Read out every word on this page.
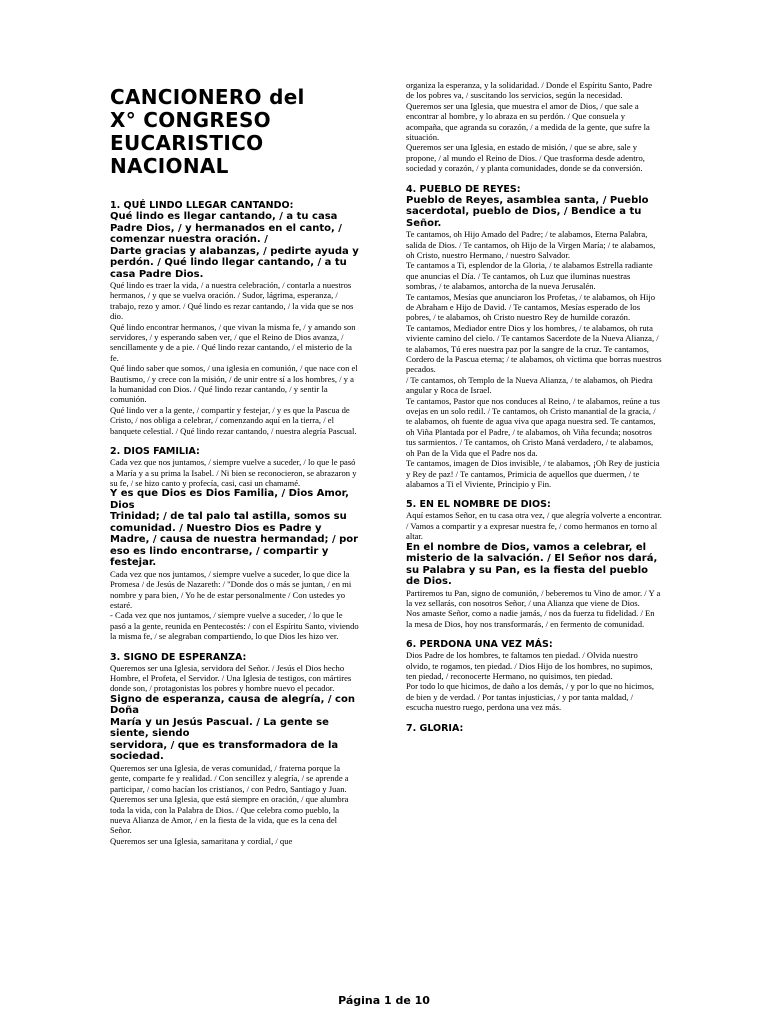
CANCIONERO del
X° CONGRESO
EUCARISTICO
NACIONAL
1. QUÉ LINDO LLEGAR CANTANDO:
Qué lindo es llegar cantando, / a tu casa Padre Dios, / y hermanados en el canto, / comenzar nuestra oración. /
Darte gracias y alabanzas, / pedirte ayuda y perdón. / Qué lindo llegar cantando, / a tu casa Padre Dios.
Qué lindo es traer la vida, / a nuestra celebración, / contarla a nuestros hermanos, / y que se vuelva oración. / Sudor, lágrima, esperanza, / trabajo, rezo y amor. / Qué lindo es rezar cantando, / la vida que se nos dio.
Qué lindo encontrar hermanos, / que vivan la misma fe, / y amando son servidores, / y esperando saben ver, / que el Reino de Dios avanza, / sencillamente y de a pie. / Qué lindo rezar cantando, / el misterio de la fe.
Qué lindo saber que somos, / una iglesia en comunión, / que nace con el Bautismo, / y crece con la misión, / de unir entre sí a los hombres, / y a la humanidad con Dios. / Qué lindo rezar cantando, / y sentir la comunión.
Qué lindo ver a la gente, / compartir y festejar, / y es que la Pascua de Cristo, / nos obliga a celebrar, / comenzando aquí en la tierra, / el banquete celestial. / Qué lindo rezar cantando, / nuestra alegría Pascual.
2. DIOS FAMILIA:
Cada vez que nos juntamos, / siempre vuelve a suceder, / lo que le pasó a María y a su prima la Isabel. / Ni bien se reconocieron, se abrazaron y su fe, / se hizo canto y profecía, casi, casi un chamamé.
Y es que Dios es Dios Familia, / Dios Amor, Dios
Trinidad; / de tal palo tal astilla, somos su comunidad. / Nuestro Dios es Padre y Madre, / causa de nuestra hermandad; / por eso es lindo encontrarse, / compartir y festejar.
Cada vez que nos juntamos, / siempre vuelve a suceder, lo que dice la Promesa / de Jesús de Nazareth: / "Donde dos o más se juntan, / en mi nombre y para bien, / Yo he de estar personalmente / Con ustedes yo estaré.
- Cada vez que nos juntamos, / siempre vuelve a suceder, / lo que le pasó a la gente, reunida en Pentecostés: / con el Espíritu Santo, viviendo la misma fe, / se alegraban compartiendo, lo que Dios les hizo ver.
3. SIGNO DE ESPERANZA:
Queremos ser una Iglesia, servidora del Señor. / Jesús el Dios hecho Hombre, el Profeta, el Servidor. / Una Iglesia de testigos, con mártires donde son, / protagonistas los pobres y hombre nuevo el pecador.
Signo de esperanza, causa de alegría, / con Doña
María y un Jesús Pascual. / La gente se siente, siendo
servidora, / que es transformadora de la sociedad.
Queremos ser una Iglesia, de veras comunidad, / fraterna porque la gente, comparte fe y realidad. / Con sencillez y alegría, / se aprende a participar, / como hacían los cristianos, / con Pedro, Santiago y Juan.
Queremos ser una Iglesia, que está siempre en oración, / que alumbra toda la vida, con la Palabra de Dios. / Que celebra como pueblo, la nueva Alianza de Amor, / en la fiesta de la vida, que es la cena del Señor.
Queremos ser una Iglesia, samaritana y cordial, / que
organiza la esperanza, y la solidaridad. / Donde el Espíritu Santo, Padre de los pobres va, / suscitando los servicios, según la necesidad.
Queremos ser una Iglesia, que muestra el amor de Dios, / que sale a encontrar al hombre, y lo abraza en su perdón. / Que consuela y acompaña, que agranda su corazón, / a medida de la gente, que sufre la situación.
Queremos ser una Iglesia, en estado de misión, / que se abre, sale y propone, / al mundo el Reino de Dios. / Que trasforma desde adentro, sociedad y corazón, / y planta comunidades, donde se da conversión.
4. PUEBLO DE REYES:
Pueblo de Reyes, asamblea santa, / Pueblo sacerdotal, pueblo de Dios, / Bendice a tu Señor.
Te cantamos, oh Hijo Amado del Padre; / te alabamos, Eterna Palabra, salida de Dios. / Te cantamos, oh Hijo de la Virgen María; / te alabamos, oh Cristo, nuestro Hermano, / nuestro Salvador.
Te cantamos a Ti, esplendor de la Gloria, / te alabamos Estrella radiante que anuncias el Día. / Te cantamos, oh Luz que iluminas nuestras sombras, / te alabamos, antorcha de la nueva Jerusalén.
Te cantamos, Mesías que anunciaron los Profetas, / te alabamos, oh Hijo de Abraham e Hijo de David. / Te cantamos, Mesías esperado de los pobres, / te alabamos, oh Cristo nuestro Rey de humilde corazón.
Te cantamos, Mediador entre Dios y los hombres, / te alabamos, oh ruta viviente camino del cielo. / Te cantamos Sacerdote de la Nueva Alianza, / te alabamos, Tú eres nuestra paz por la sangre de la cruz. Te cantamos, Cordero de la Pascua eterna; / te alabamos, oh víctima que borras nuestros pecados.
/ Te cantamos, oh Templo de la Nueva Alianza, / te alabamos, oh Piedra angular y Roca de Israel.
Te cantamos, Pastor que nos conduces al Reino, / te alabamos, reúne a tus ovejas en un solo redil. / Te cantamos, oh Cristo manantial de la gracia, / te alabamos, oh fuente de agua viva que apaga nuestra sed. Te cantamos, oh Viña Plantada por el Padre, / te alabamos, oh Viña fecunda; nosotros tus sarmientos. / Te cantamos, oh Cristo Maná verdadero, / te alabamos, oh Pan de la Vida que el Padre nos da.
Te cantamos, imagen de Dios invisible, / te alabamos, ¡Oh Rey de justicia y Rey de paz! / Te cantamos, Primicia de aquellos que duermen, / te alabamos a Ti el Viviente, Principio y Fin.
5. EN EL NOMBRE DE DIOS:
Aquí estamos Señor, en tu casa otra vez, / que alegría volverte a encontrar. / Vamos a compartir y a expresar nuestra fe, / como hermanos en torno al altar.
En el nombre de Dios, vamos a celebrar, el misterio de la salvación. / El Señor nos dará, su Palabra y su Pan, es la fiesta del pueblo de Dios.
Partiremos tu Pan, signo de comunión, / beberemos tu Vino de amor. / Y a la vez sellarás, con nosotros Señor, / una Alianza que viene de Dios.
Nos amaste Señor, como a nadie jamás, / nos da fuerza tu fidelidad. / En la mesa de Dios, hoy nos transformarás, / en fermento de comunidad.
6. PERDONA UNA VEZ MÁS:
Dios Padre de los hombres, te faltamos ten piedad. / Olvida nuestro olvido, te rogamos, ten piedad. / Dios Hijo de los hombres, no supimos, ten piedad, / reconocerte Hermano, no quisimos, ten piedad.
Por todo lo que hicimos, de daño a los demás, / y por lo que no hicimos, de bien y de verdad. / Por tantas injusticias, / y por tanta maldad, / escucha nuestro ruego, perdona una vez más.
7. GLORIA:
Página 1 de 10
